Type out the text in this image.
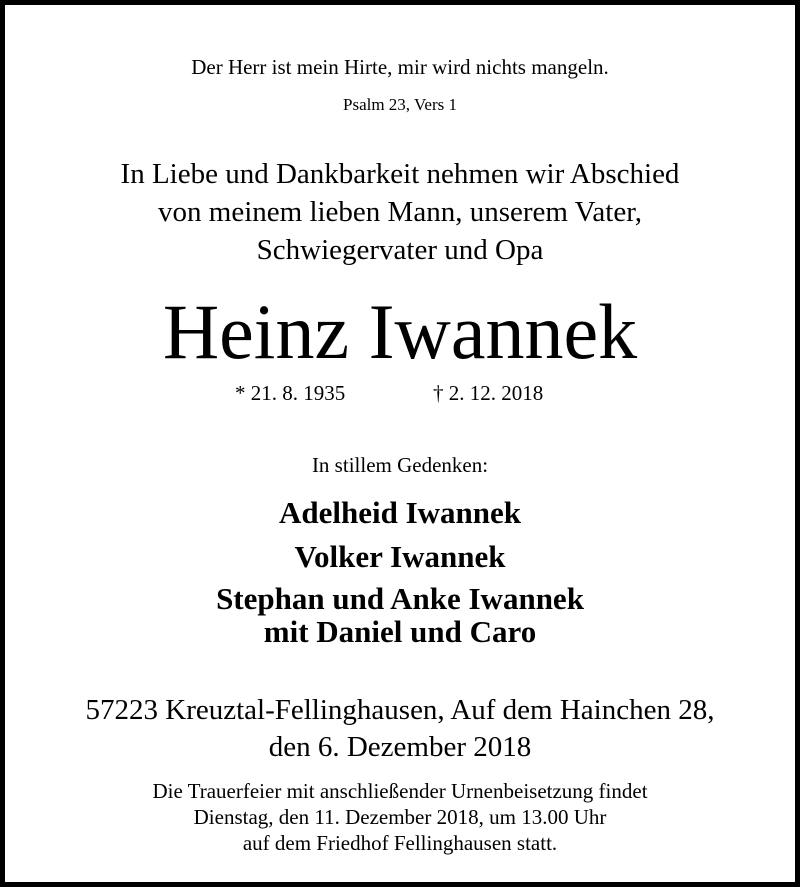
Der Herr ist mein Hirte, mir wird nichts mangeln.
Psalm 23, Vers 1
In Liebe und Dankbarkeit nehmen wir Abschied
von meinem lieben Mann, unserem Vater,
Schwiegervater und Opa
Heinz Iwannek
* 21. 8. 1935	† 2. 12. 2018
In stillem Gedenken:
Adelheid Iwannek
Volker Iwannek
Stephan und Anke Iwannek
mit Daniel und Caro
57223 Kreuztal-Fellinghausen, Auf dem Hainchen 28,
den 6. Dezember 2018
Die Trauerfeier mit anschließender Urnenbeisetzung findet
Dienstag, den 11. Dezember 2018, um 13.00 Uhr
auf dem Friedhof Fellinghausen statt.
